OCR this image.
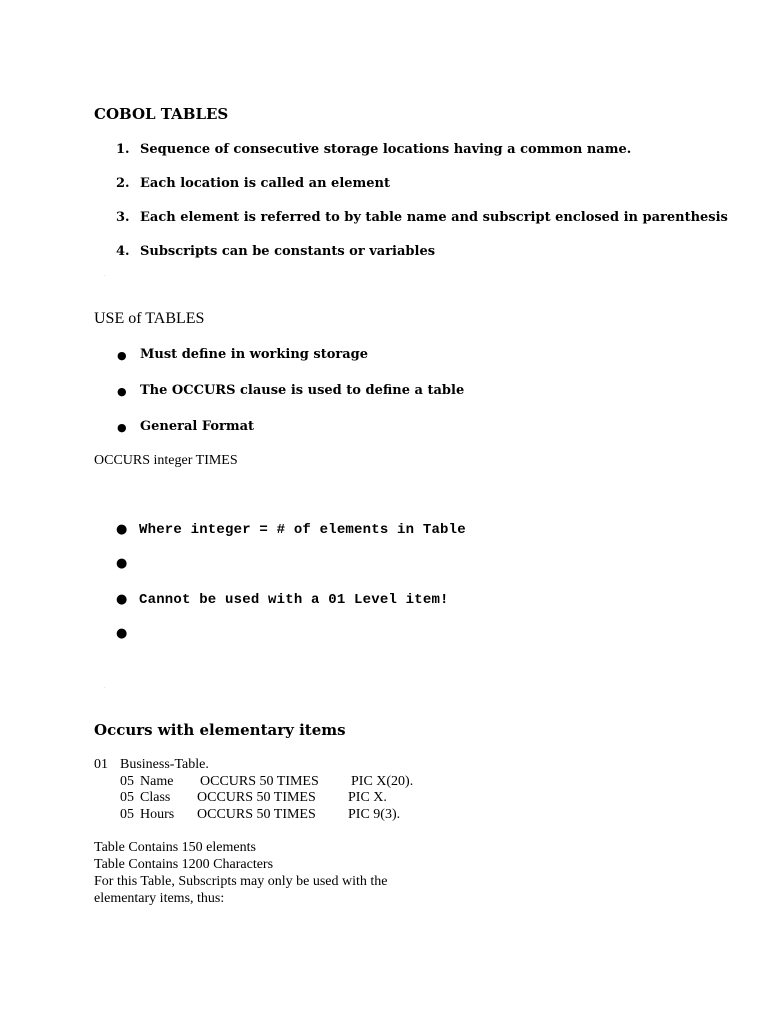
COBOL TABLES
1. Sequence of consecutive storage locations having a common name.
2. Each location is called an element
3. Each element is referred to by table name and subscript enclosed in parenthesis
4. Subscripts can be constants or variables
.
USE of TABLES
● Must define in working storage
● The OCCURS clause is used to define a table
● General Format
OCCURS integer TIMES
● Where integer = # of elements in Table
●
● Cannot be used with a 01 Level item!
●
.
Occurs with elementary items
01 Business-Table.
05 Name OCCURS 50 TIMES PIC X(20).
05 Class OCCURS 50 TIMES PIC X.
05 Hours OCCURS 50 TIMES PIC 9(3).
Table Contains 150 elements
Table Contains 1200 Characters
For this Table, Subscripts may only be used with the
elementary items, thus:
